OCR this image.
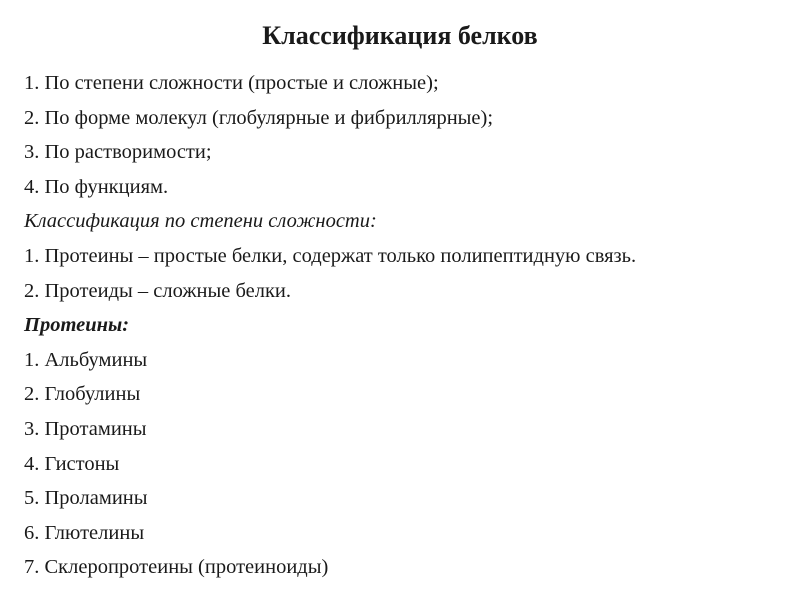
Классификация белков
1. По степени сложности (простые и сложные);
2. По форме молекул (глобулярные и фибриллярные);
3. По растворимости;
4. По функциям.
Классификация по степени сложности:
1. Протеины – простые белки, содержат только полипептидную связь.
2. Протеиды – сложные белки.
Протеины:
1. Альбумины
2. Глобулины
3. Протамины
4. Гистоны
5. Проламины
6. Глютелины
7. Склеропротеины (протеиноиды)
